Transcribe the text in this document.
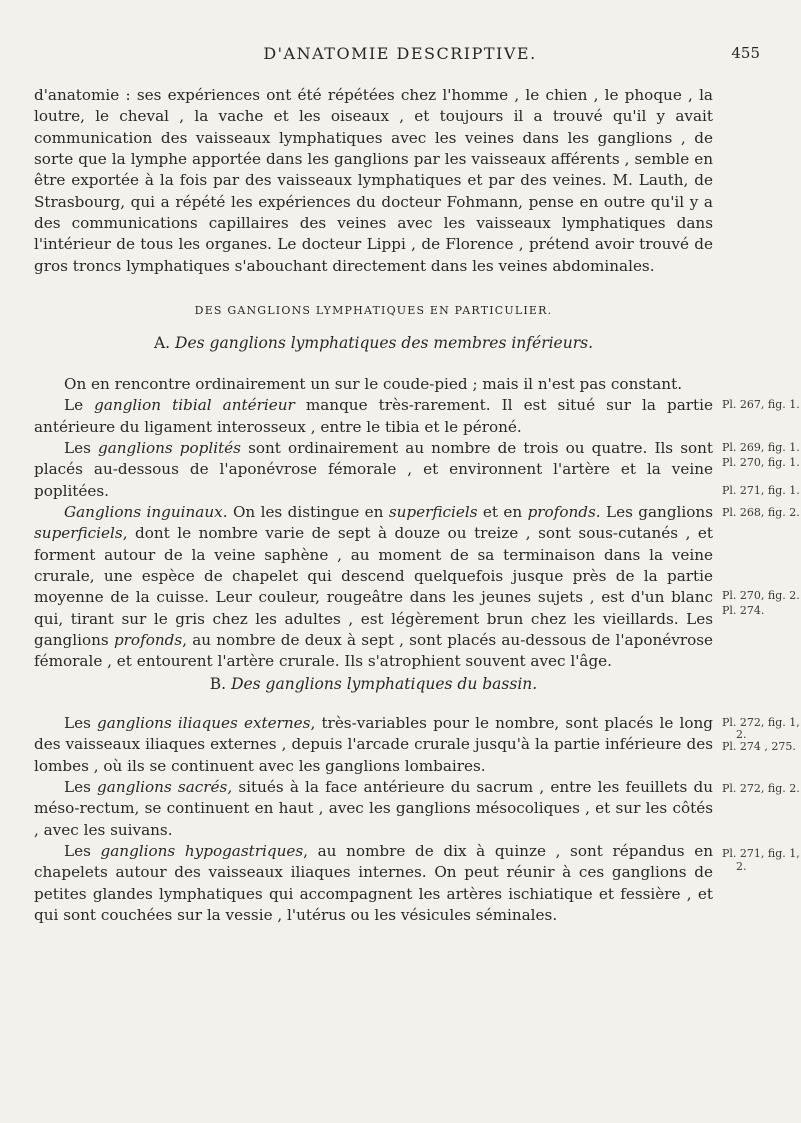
D'ANATOMIE DESCRIPTIVE.	455

d'anatomie : ses expériences ont été répétées chez l'homme , le chien , le phoque , la loutre, le cheval , la vache et les oiseaux , et toujours il a trouvé qu'il y avait communication des vaisseaux lymphatiques avec les veines dans les ganglions , de sorte que la lymphe apportée dans les ganglions par les vaisseaux afférents , semble en être exportée à la fois par des vaisseaux lymphatiques et par des veines. M. Lauth, de Strasbourg, qui a répété les expériences du docteur Fohmann, pense en outre qu'il y a des communications capillaires des veines avec les vaisseaux lymphatiques dans l'intérieur de tous les organes. Le docteur Lippi , de Florence , prétend avoir trouvé de gros troncs lymphatiques s'abouchant directement dans les veines abdominales.

DES GANGLIONS LYMPHATIQUES EN PARTICULIER.
A. Des ganglions lymphatiques des membres inférieurs.

On en rencontre ordinairement un sur le coude-pied ; mais il n'est pas constant.

Le ganglion tibial antérieur manque très-rarement. Il est situé sur la partie antérieure du ligament interosseux , entre le tibia et le péroné.

Les ganglions poplités sont ordinairement au nombre de trois ou quatre. Ils sont placés au-dessous de l'aponévrose fémorale , et environnent l'artère et la veine poplitées.

Ganglions inguinaux. On les distingue en superficiels et en profonds. Les ganglions superficiels, dont le nombre varie de sept à douze ou treize , sont sous-cutanés , et forment autour de la veine saphène , au moment de sa terminaison dans la veine crurale, une espèce de chapelet qui descend quelquefois jusque près de la partie moyenne de la cuisse. Leur couleur, rougeâtre dans les jeunes sujets , est d'un blanc qui, tirant sur le gris chez les adultes , est légèrement brun chez les vieillards. Les ganglions profonds, au nombre de deux à sept , sont placés au-dessous de l'aponévrose fémorale , et entourent l'artère crurale. Ils s'atrophient souvent avec l'âge.

B. Des ganglions lymphatiques du bassin.

Les ganglions iliaques externes, très-variables pour le nombre, sont placés le long des vaisseaux iliaques externes , depuis l'arcade crurale jusqu'à la partie inférieure des lombes , où ils se continuent avec les ganglions lombaires.

Les ganglions sacrés, situés à la face antérieure du sacrum , entre les feuillets du méso-rectum, se continuent en haut , avec les ganglions mésocoliques , et sur les côtés , avec les suivans.

Les ganglions hypogastriques, au nombre de dix à quinze , sont répandus en chapelets autour des vaisseaux iliaques internes. On peut réunir à ces ganglions de petites glandes lymphatiques qui accompagnent les artères ischiatique et fessière , et qui sont couchées sur la vessie , l'utérus ou les vésicules séminales.

Pl. 267, fig. 1.
Pl. 269, fig. 1.
Pl. 270, fig. 1.
Pl. 271, fig. 1.
Pl. 268, fig. 2.
Pl. 270, fig. 2.
Pl. 274.
Pl. 272, fig. 1,
2.
Pl. 274 , 275.
Pl. 272, fig. 2.
Pl. 271, fig. 1,
2.
